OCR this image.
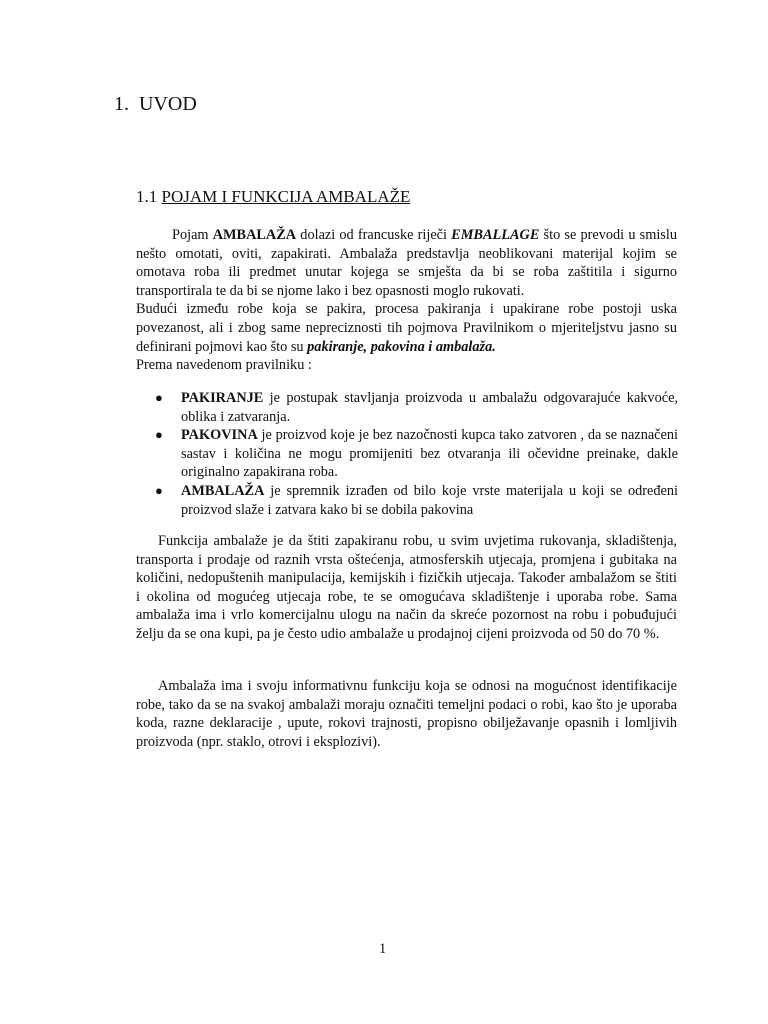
1. UVOD
1.1 POJAM I FUNKCIJA AMBALAŽE
Pojam AMBALAŽA dolazi od francuske riječi EMBALLAGE što se prevodi u smislu nešto omotati, oviti, zapakirati. Ambalaža predstavlja neoblikovani materijal kojim se omotava roba ili predmet unutar kojega se smješta da bi se roba zaštitila i sigurno transportirala te da bi se njome lako i bez opasnosti moglo rukovati.
Budući između robe koja se pakira, procesa pakiranja i upakirane robe postoji uska povezanost, ali i zbog same nepreciznosti tih pojmova Pravilnikom o mjeriteljstvu jasno su definirani pojmovi kao što su pakiranje, pakovina i ambalaža.
Prema navedenom pravilniku :
● PAKIRANJE je postupak stavljanja proizvoda u ambalažu odgovarajuće kakvoće, oblika i zatvaranja.
● PAKOVINA je proizvod koje je bez nazočnosti kupca tako zatvoren , da se naznačeni sastav i količina ne mogu promijeniti bez otvaranja ili očevidne preinake, dakle originalno zapakirana roba.
● AMBALAŽA je spremnik izrađen od bilo koje vrste materijala u koji se određeni proizvod slaže i zatvara kako bi se dobila pakovina

Funkcija ambalaže je da štiti zapakiranu robu, u svim uvjetima rukovanja, skladištenja, transporta i prodaje od raznih vrsta oštećenja, atmosferskih utjecaja, promjena i gubitaka na količini, nedopuštenih manipulacija, kemijskih i fizičkih utjecaja. Također ambalažom se štiti i okolina od mogućeg utjecaja robe, te se omogućava skladištenje i uporaba robe. Sama ambalaža ima i vrlo komercijalnu ulogu na način da skreće pozornost na robu i pobuđujući želju da se ona kupi, pa je često udio ambalaže u prodajnoj cijeni proizvoda od 50 do 70 %.

Ambalaža ima i svoju informativnu funkciju koja se odnosi na mogućnost identifikacije robe, tako da se na svakoj ambalaži moraju označiti temeljni podaci o robi, kao što je uporaba koda, razne deklaracije , upute, rokovi trajnosti, propisno obilježavanje opasnih i lomljivih proizvoda (npr. staklo, otrovi i eksplozivi).

1
